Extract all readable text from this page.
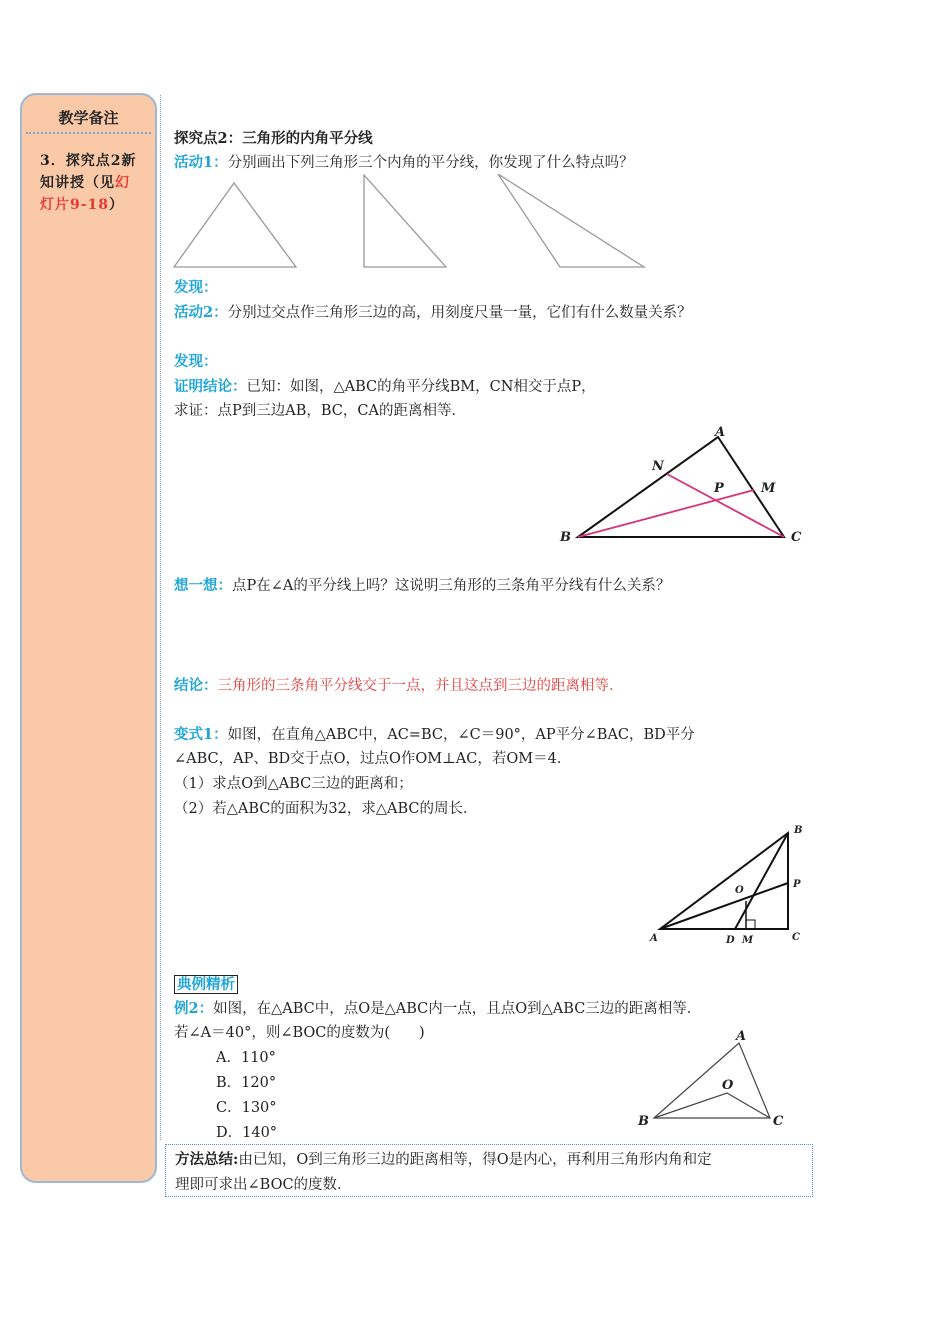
教学备注
3．探究点2新知讲授（见幻灯片9-18）
探究点2：三角形的内角平分线
活动1：分别画出下列三角形三个内角的平分线，你发现了什么特点吗？
发现：
活动2：分别过交点作三角形三边的高，用刻度尺量一量，它们有什么数量关系？
发现：
证明结论：已知：如图，△ABC的角平分线BM，CN相交于点P，
求证：点P到三边AB，BC，CA的距离相等．
A
B	C
N
M
P
想一想：点P在∠A的平分线上吗？这说明三角形的三条角平分线有什么关系？
结论：三角形的三条角平分线交于一点，并且这点到三边的距离相等．
变式1：如图，在直角△ABC中，AC=BC，∠C＝90°，AP平分∠BAC，BD平分
∠ABC，AP、BD交于点O，过点O作OM⊥AC，若OM＝4．
（1）求点O到△ABC三边的距离和；
（2）若△ABC的面积为32，求△ABC的周长．
A
B
C
D M
O
P
典例精析
例2：如图，在△ABC中，点O是△ABC内一点，且点O到△ABC三边的距离相等．
若∠A＝40°，则∠BOC的度数为(　　)
A．110°
B．120°
C．130°
D．140°
A
B	C
O
方法总结:由已知，O到三角形三边的距离相等，得O是内心，再利用三角形内角和定
理即可求出∠BOC的度数．
